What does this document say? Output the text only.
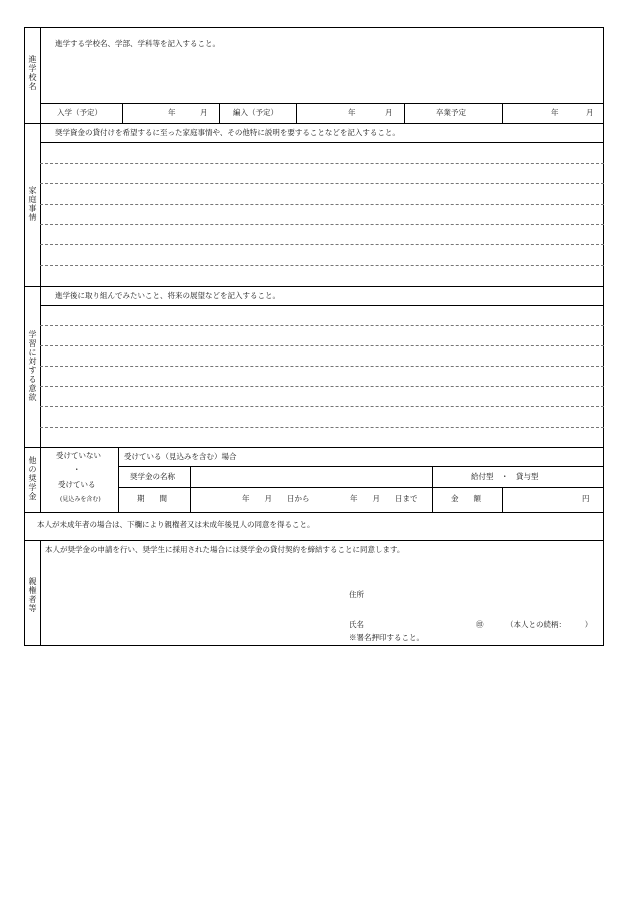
進学校名
進学する学校名、学部、学科等を記入すること。
入学（予定）	年	月	編入（予定）	年	月	卒業予定	年	月
家庭事情
奨学資金の貸付けを希望するに至った家庭事情や、その他特に説明を要することなどを記入すること。
学習に対する意欲
進学後に取り組んでみたいこと、将来の展望などを記入すること。
他の奨学金
受けていない
・
受けている
(見込みを含む)
受けている（見込みを含む）場合
奨学金の名称	給付型　・　貸与型
期　　間	年　　月　　日から	年　　月　　日まで	金　　額	円
本人が未成年者の場合は、下欄により親権者又は未成年後見人の同意を得ること。
親権者等
本人が奨学金の申請を行い、奨学生に採用された場合には奨学金の貸付契約を締結することに同意します。
住所
氏名	㊞	（本人との続柄：　　　）
※署名押印すること。
